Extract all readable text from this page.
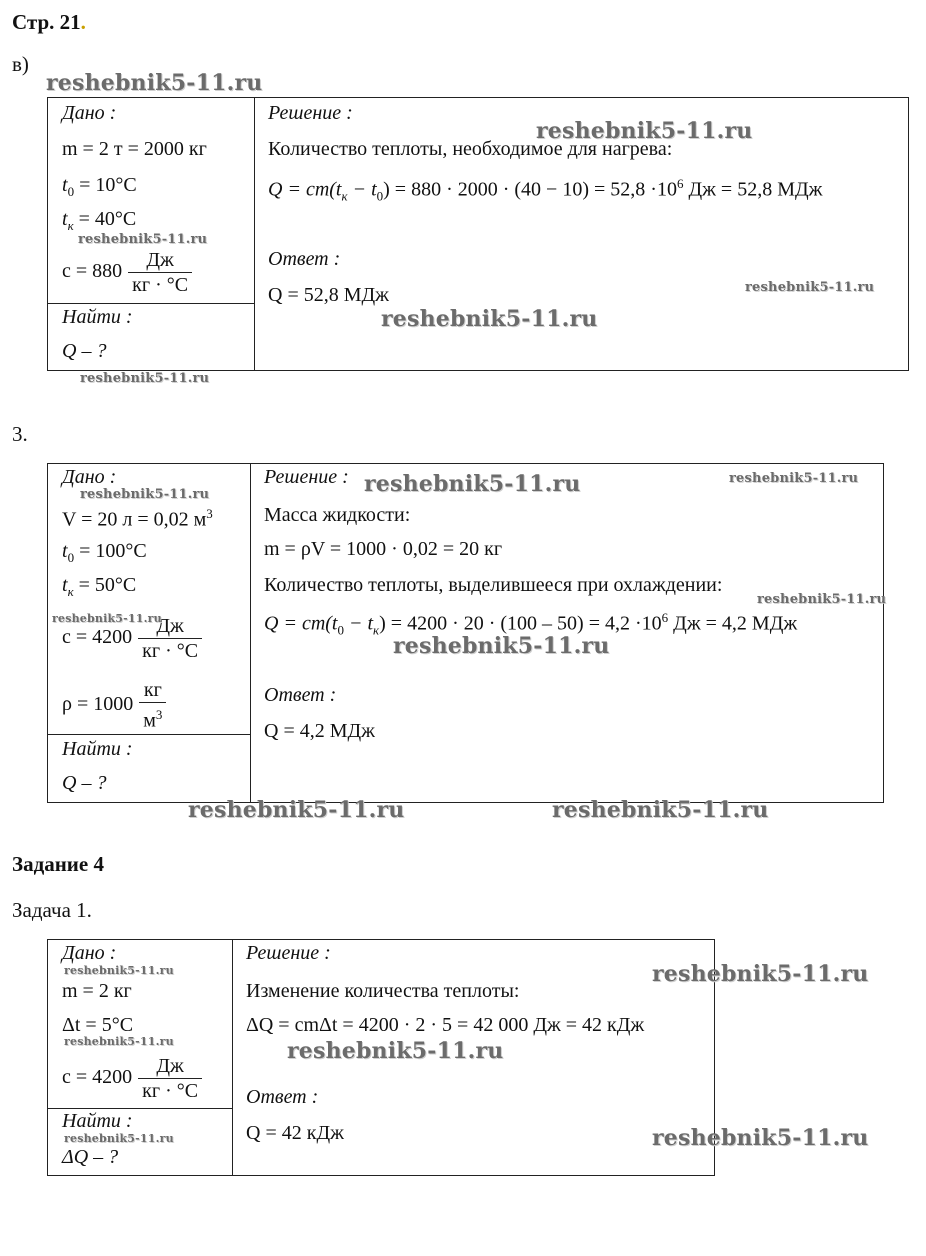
Стр. 21.
в)
Дано :
m = 2 т = 2000 кг
$t_0 = 10^\circ C$
$t_к = 40^\circ C$
$c = 880 \frac{Дж}{кг \cdot ^\circ C}$
Найти :
Q – ?
Решение :
Количество теплоты, необходимое для нагрева:
$Q = cm(t_к - t_0) = 880 \cdot 2000 \cdot (40 - 10) = 52,8 \cdot 10^6$ Дж = 52,8 МДж
Ответ :
Q = 52,8 МДж
3.
Дано :
V = 20 л = 0,02 $м^3$
$t_0 = 100^\circ C$
$t_к = 50^\circ C$
$c = 4200 \frac{Дж}{кг \cdot ^\circ C}$
$\rho = 1000 \frac{кг}{м^3}$
Найти :
Q – ?
Решение :
Масса жидкости:
m = ρV = 1000 · 0,02 = 20 кг
Количество теплоты, выделившееся при охлаждении:
$Q = cm(t_0 - t_к) = 4200 \cdot 20 \cdot (100 - 50) = 4,2 \cdot 10^6$ Дж = 4,2 МДж
Ответ :
Q = 4,2 МДж
Задание 4
Задача 1.
Дано :
m = 2 кг
Δt = 5°C
$c = 4200 \frac{Дж}{кг \cdot ^\circ C}$
Найти :
ΔQ – ?
Решение :
Изменение количества теплоты:
ΔQ = cmΔt = 4200 · 2 · 5 = 42 000 Дж = 42 кДж
Ответ :
Q = 42 кДж
reshebnik5-11.ru
reshebnik5-11.ru
reshebnik5-11.ru
reshebnik5-11.ru
reshebnik5-11.ru
reshebnik5-11.ru
reshebnik5-11.ru	reshebnik5-11.ru	reshebnik5-11.ru
reshebnik5-11.ru
reshebnik5-11.ru
reshebnik5-11.ru
reshebnik5-11.ru	reshebnik5-11.ru
reshebnik5-11.ru	reshebnik5-11.ru
reshebnik5-11.ru	reshebnik5-11.ru
reshebnik5-11.ru	reshebnik5-11.ru
